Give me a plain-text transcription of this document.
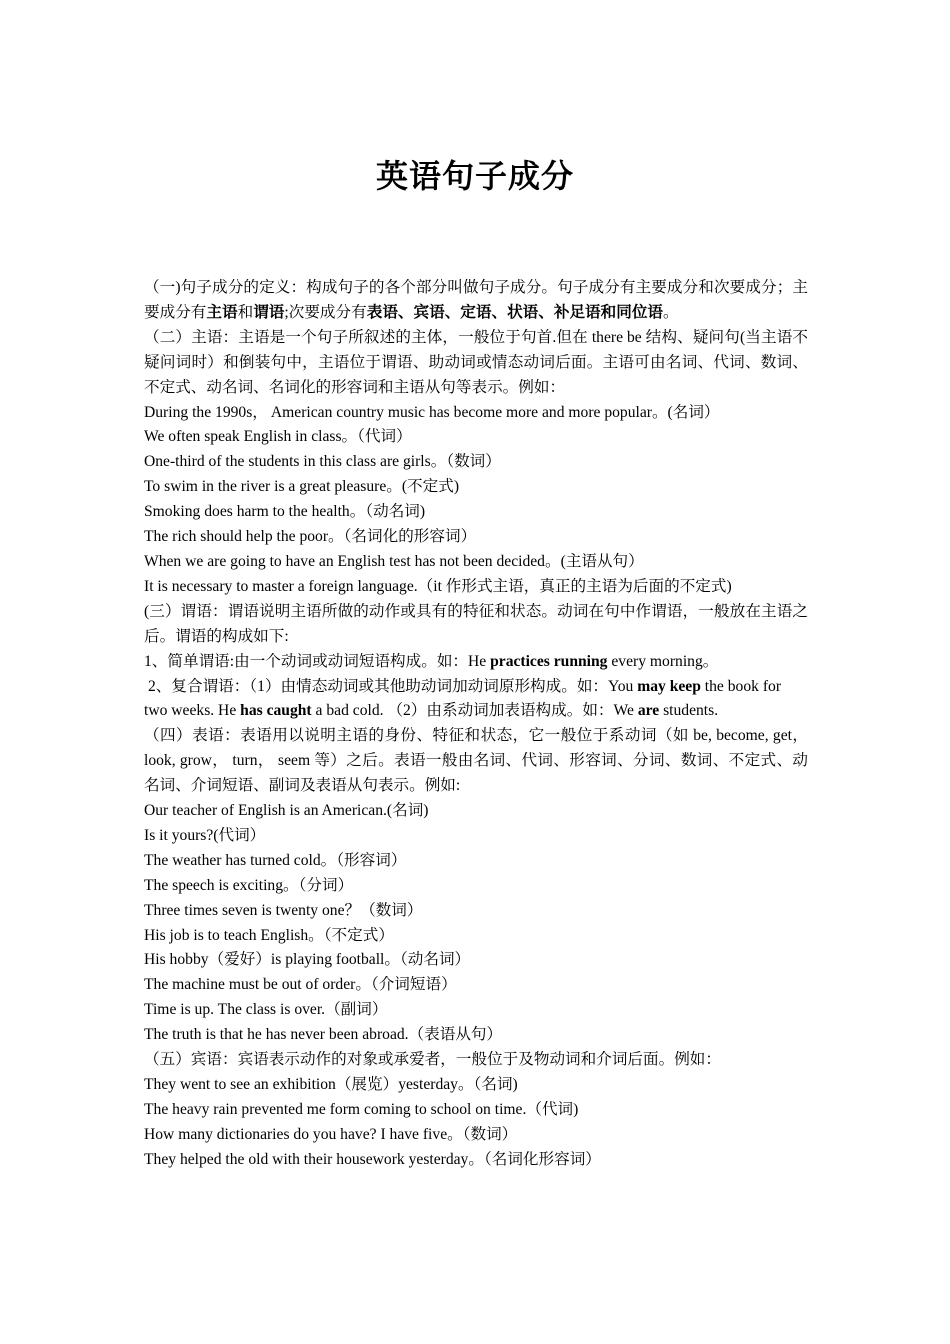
英语句子成分

（一)句子成分的定义：构成句子的各个部分叫做句子成分。句子成分有主要成分和次要成分；主要成分有主语和谓语;次要成分有表语、宾语、定语、状语、补足语和同位语。

（二）主语：主语是一个句子所叙述的主体，一般位于句首.但在 there be 结构、疑问句(当主语不疑问词时）和倒装句中，主语位于谓语、助动词或情态动词后面。主语可由名词、代词、数词、不定式、动名词、名词化的形容词和主语从句等表示。例如：

During the 1990s， American country music has become more and more popular。(名词）

We often speak English in class。（代词）

One-third of the students in this class are girls。（数词）

To swim in the river is a great pleasure。(不定式)

Smoking does harm to the health。（动名词)

The rich should help the poor。（名词化的形容词）

When we are going to have an English test has not been decided。(主语从句）

It is necessary to master a foreign language.（it 作形式主语，真正的主语为后面的不定式)

(三）谓语：谓语说明主语所做的动作或具有的特征和状态。动词在句中作谓语，一般放在主语之后。谓语的构成如下:

1、简单谓语:由一个动词或动词短语构成。如：He practices running every morning。

2、复合谓语：（1）由情态动词或其他助动词加动词原形构成。如：You may keep the book for two weeks. He has caught a bad cold. （2）由系动词加表语构成。如：We are students.

（四）表语：表语用以说明主语的身份、特征和状态，它一般位于系动词（如 be, become, get， look, grow， turn， seem 等）之后。表语一般由名词、代词、形容词、分词、数词、不定式、动名词、介词短语、副词及表语从句表示。例如:

Our teacher of English is an American.(名词)

Is it yours?(代词）

The weather has turned cold。（形容词）

The speech is exciting。（分词）

Three times seven is twenty one？（数词）

His job is to teach English。（不定式）

His hobby（爱好）is playing football。（动名词）

The machine must be out of order。（介词短语）

Time is up. The class is over.（副词）

The truth is that he has never been abroad.（表语从句）

（五）宾语：宾语表示动作的对象或承爱者，一般位于及物动词和介词后面。例如：

They went to see an exhibition（展览）yesterday。（名词)

The heavy rain prevented me form coming to school on time.（代词)

How many dictionaries do you have? I have five。（数词）

They helped the old with their housework yesterday。（名词化形容词）
